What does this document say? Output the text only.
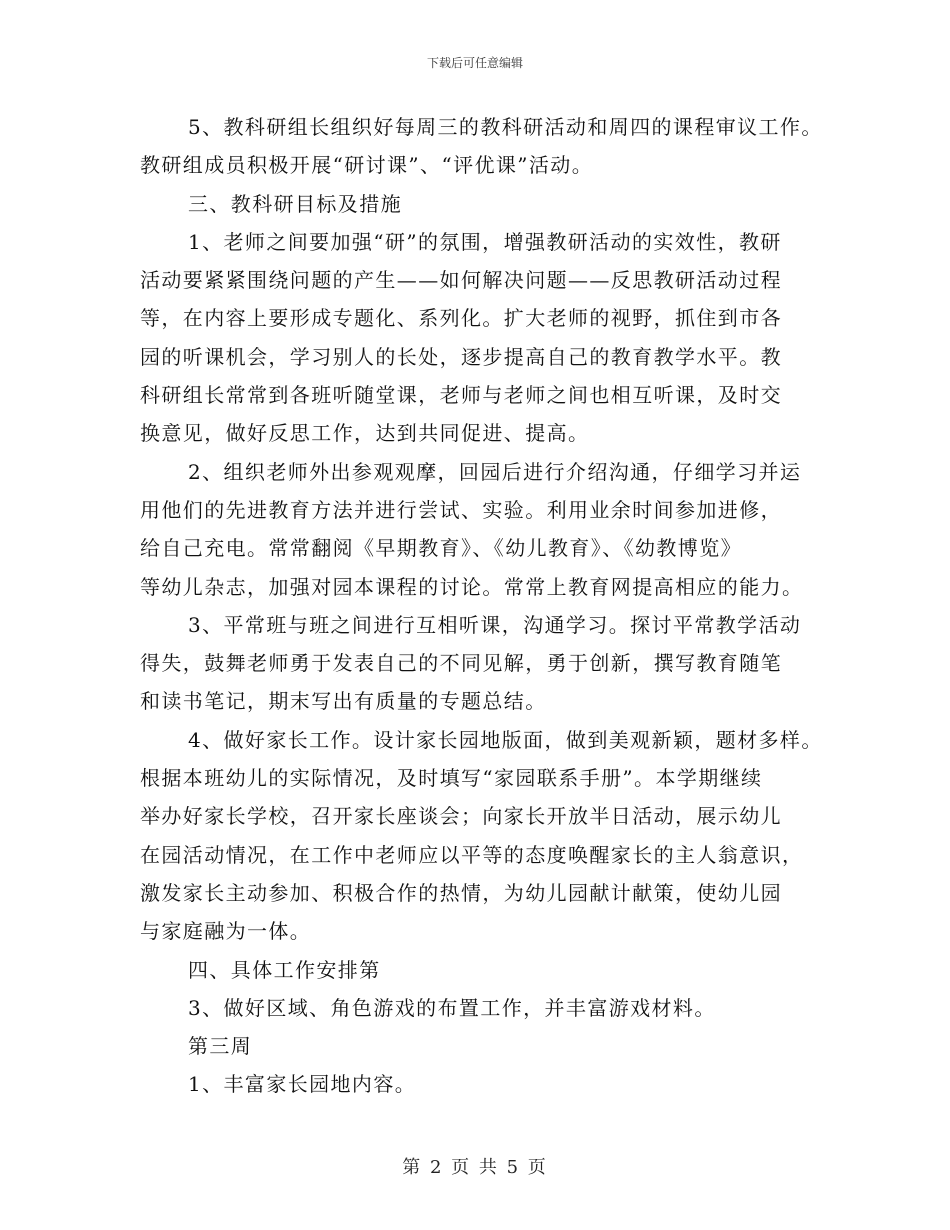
下载后可任意编辑
5、教科研组长组织好每周三的教科研活动和周四的课程审议工作。
教研组成员积极开展“研讨课”、“评优课”活动。
三、教科研目标及措施
1、老师之间要加强“研”的氛围，增强教研活动的实效性，教研
活动要紧紧围绕问题的产生——如何解决问题——反思教研活动过程
等，在内容上要形成专题化、系列化。扩大老师的视野，抓住到市各
园的听课机会，学习别人的长处，逐步提高自己的教育教学水平。教
科研组长常常到各班听随堂课，老师与老师之间也相互听课，及时交
换意见，做好反思工作，达到共同促进、提高。
2、组织老师外出参观观摩，回园后进行介绍沟通，仔细学习并运
用他们的先进教育方法并进行尝试、实验。利用业余时间参加进修，
给自己充电。常常翻阅《早期教育》、《幼儿教育》、《幼教博览》
等幼儿杂志，加强对园本课程的讨论。常常上教育网提高相应的能力。
3、平常班与班之间进行互相听课，沟通学习。探讨平常教学活动
得失，鼓舞老师勇于发表自己的不同见解，勇于创新，撰写教育随笔
和读书笔记，期末写出有质量的专题总结。
4、做好家长工作。设计家长园地版面，做到美观新颖，题材多样。
根据本班幼儿的实际情况，及时填写“家园联系手册”。本学期继续
举办好家长学校，召开家长座谈会；向家长开放半日活动，展示幼儿
在园活动情况，在工作中老师应以平等的态度唤醒家长的主人翁意识，
激发家长主动参加、积极合作的热情，为幼儿园献计献策，使幼儿园
与家庭融为一体。
四、具体工作安排第
3、做好区域、角色游戏的布置工作，并丰富游戏材料。
第三周
1、丰富家长园地内容。
第 2 页 共 5 页
